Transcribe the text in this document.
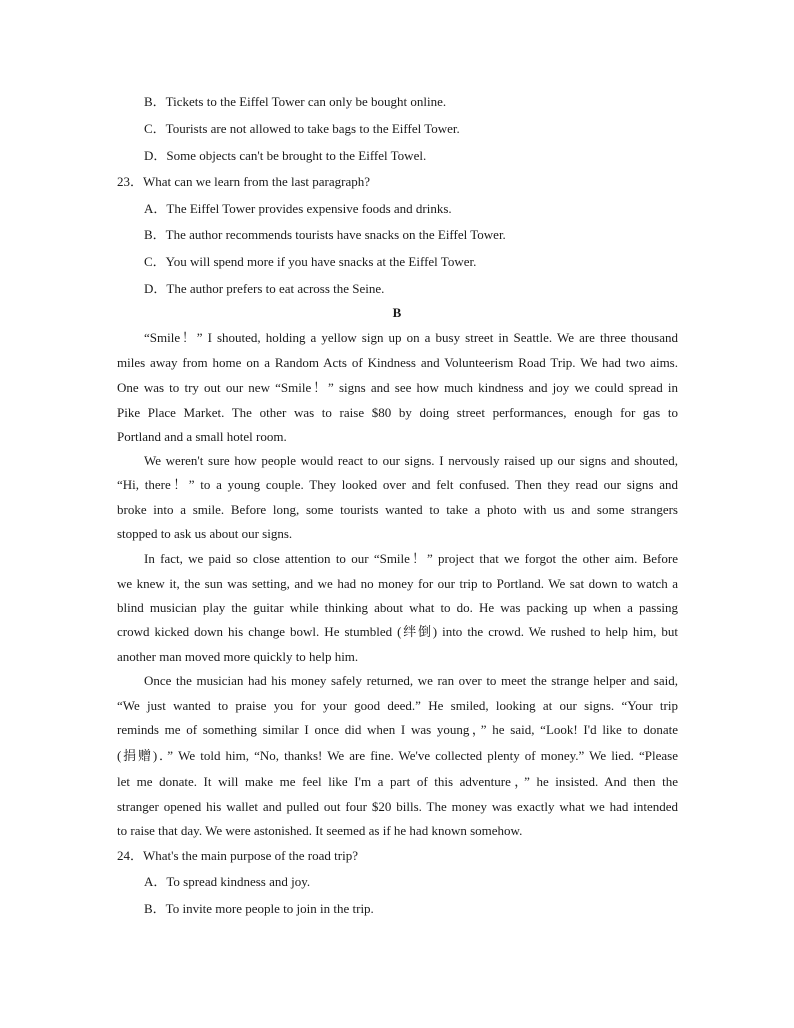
B．Tickets to the Eiffel Tower can only be bought online.
C．Tourists are not allowed to take bags to the Eiffel Tower.
D．Some objects can't be brought to the Eiffel Towel.
23．What can we learn from the last paragraph?
A．The Eiffel Tower provides expensive foods and drinks.
B．The author recommends tourists have snacks on the Eiffel Tower.
C．You will spend more if you have snacks at the Eiffel Tower.
D．The author prefers to eat across the Seine.
B
“Smile！” I shouted, holding a yellow sign up on a busy street in Seattle. We are three thousand
miles away from home on a Random Acts of Kindness and Volunteerism Road Trip. We had two aims.
One was to try out our new “Smile！” signs and see how much kindness and joy we could spread in
Pike Place Market. The other was to raise $80 by doing street performances, enough for gas to
Portland and a small hotel room.
We weren't sure how people would react to our signs. I nervously raised up our signs and shouted,
“Hi, there！” to a young couple. They looked over and felt confused. Then they read our signs and
broke into a smile. Before long, some tourists wanted to take a photo with us and some strangers
stopped to ask us about our signs.
In fact, we paid so close attention to our “Smile！” project that we forgot the other aim. Before
we knew it, the sun was setting, and we had no money for our trip to Portland. We sat down to watch a
blind musician play the guitar while thinking about what to do. He was packing up when a passing
crowd kicked down his change bowl. He stumbled (绊倒) into the crowd. We rushed to help him, but
another man moved more quickly to help him.
Once the musician had his money safely returned, we ran over to meet the strange helper and said,
“We just wanted to praise you for your good deed.” He smiled, looking at our signs. “Your trip
reminds me of something similar I once did when I was young，” he said, “Look! I'd like to donate
(捐赠)．” We told him, “No, thanks! We are fine. We've collected plenty of money.” We lied. “Please
let me donate. It will make me feel like I'm a part of this adventure，” he insisted. And then the
stranger opened his wallet and pulled out four $20 bills. The money was exactly what we had intended
to raise that day. We were astonished. It seemed as if he had known somehow.
24．What's the main purpose of the road trip?
A．To spread kindness and joy.
B．To invite more people to join in the trip.
